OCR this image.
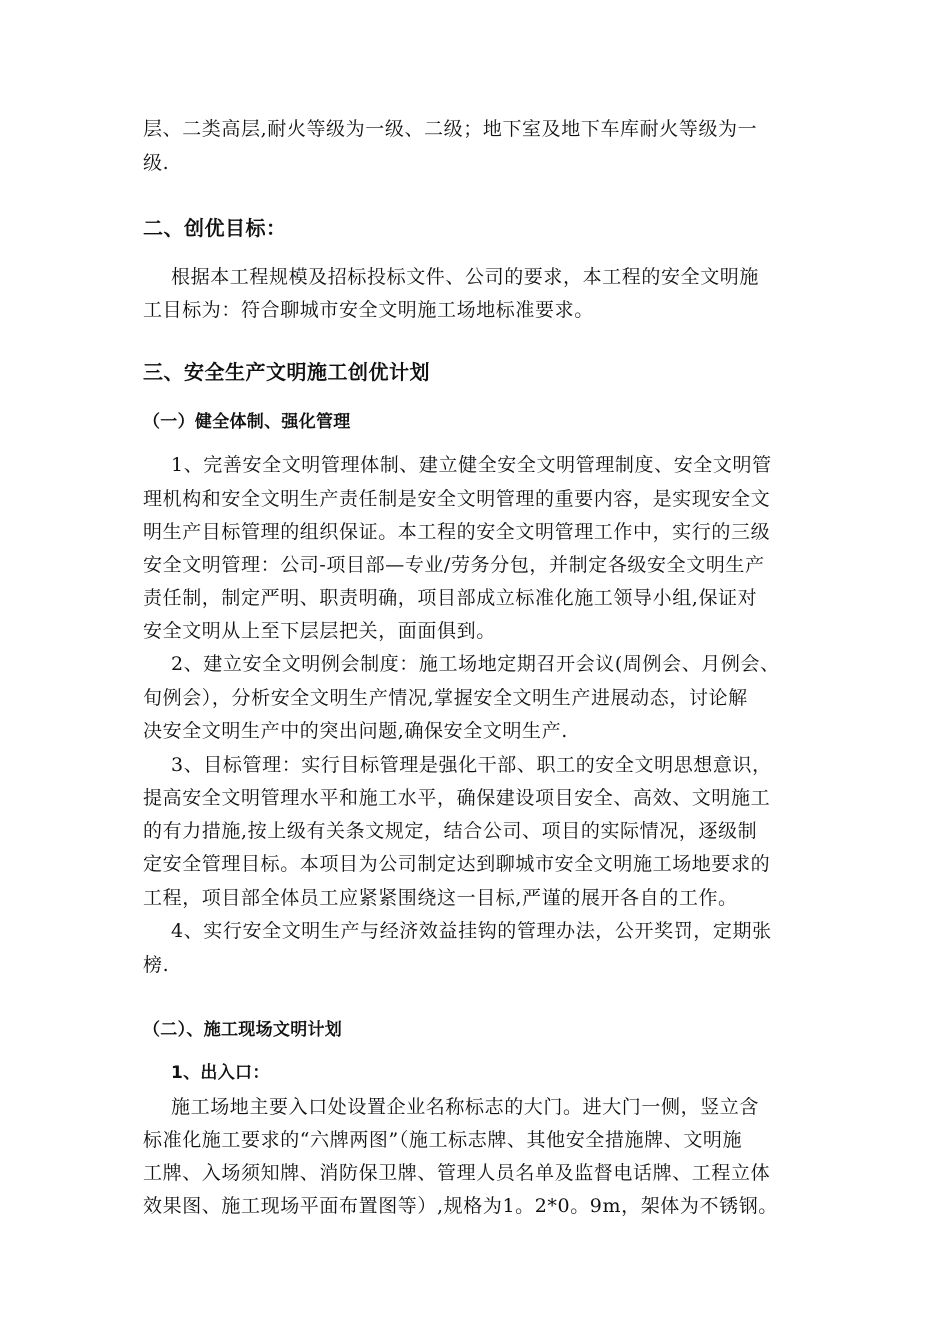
层、二类高层,耐火等级为一级、二级；地下室及地下车库耐火等级为一
级.
二、创优目标：
根据本工程规模及招标投标文件、公司的要求，本工程的安全文明施
工目标为：符合聊城市安全文明施工场地标准要求。
三、安全生产文明施工创优计划
（一）健全体制、强化管理
1、完善安全文明管理体制、建立健全安全文明管理制度、安全文明管
理机构和安全文明生产责任制是安全文明管理的重要内容，是实现安全文
明生产目标管理的组织保证。本工程的安全文明管理工作中，实行的三级
安全文明管理：公司-项目部—专业/劳务分包，并制定各级安全文明生产
责任制，制定严明、职责明确，项目部成立标准化施工领导小组,保证对
安全文明从上至下层层把关，面面俱到。
2、建立安全文明例会制度：施工场地定期召开会议(周例会、月例会、
旬例会），分析安全文明生产情况,掌握安全文明生产进展动态，讨论解
决安全文明生产中的突出问题,确保安全文明生产.
3、目标管理：实行目标管理是强化干部、职工的安全文明思想意识，
提高安全文明管理水平和施工水平，确保建设项目安全、高效、文明施工
的有力措施,按上级有关条文规定，结合公司、项目的实际情况，逐级制
定安全管理目标。本项目为公司制定达到聊城市安全文明施工场地要求的
工程，项目部全体员工应紧紧围绕这一目标,严谨的展开各自的工作。
4、实行安全文明生产与经济效益挂钩的管理办法，公开奖罚，定期张
榜.
（二）、施工现场文明计划
1、出入口：
施工场地主要入口处设置企业名称标志的大门。进大门一侧，竖立含
标准化施工要求的“六牌两图”（施工标志牌、其他安全措施牌、文明施
工牌、入场须知牌、消防保卫牌、管理人员名单及监督电话牌、工程立体
效果图、施工现场平面布置图等）,规格为1。2*0。9m，架体为不锈钢。
